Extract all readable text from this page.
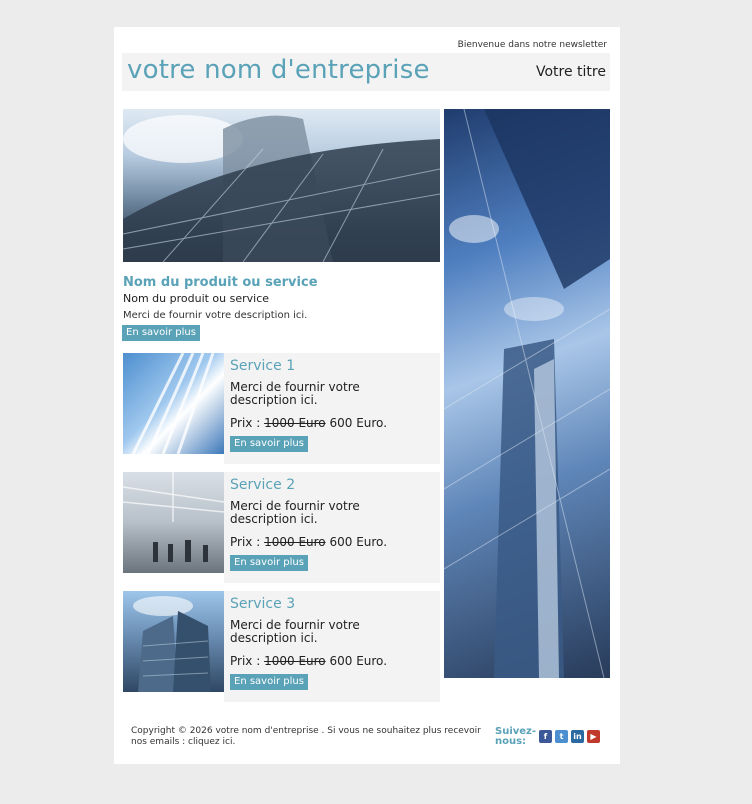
Bienvenue dans notre newsletter
votre nom d'entreprise	Votre titre
Nom du produit ou service
Nom du produit ou service
Merci de fournir votre description ici.
En savoir plus
Service 1
Merci de fournir votre description ici.
Prix : 1000 Euro 600 Euro.
En savoir plus
Service 2
Merci de fournir votre description ici.
Prix : 1000 Euro 600 Euro.
En savoir plus
Service 3
Merci de fournir votre description ici.
Prix : 1000 Euro 600 Euro.
En savoir plus
Copyright © 2026 votre nom d'entreprise . Si vous ne souhaitez plus recevoir nos emails : cliquez ici.
Suivez-nous:	f	t	in	▶
